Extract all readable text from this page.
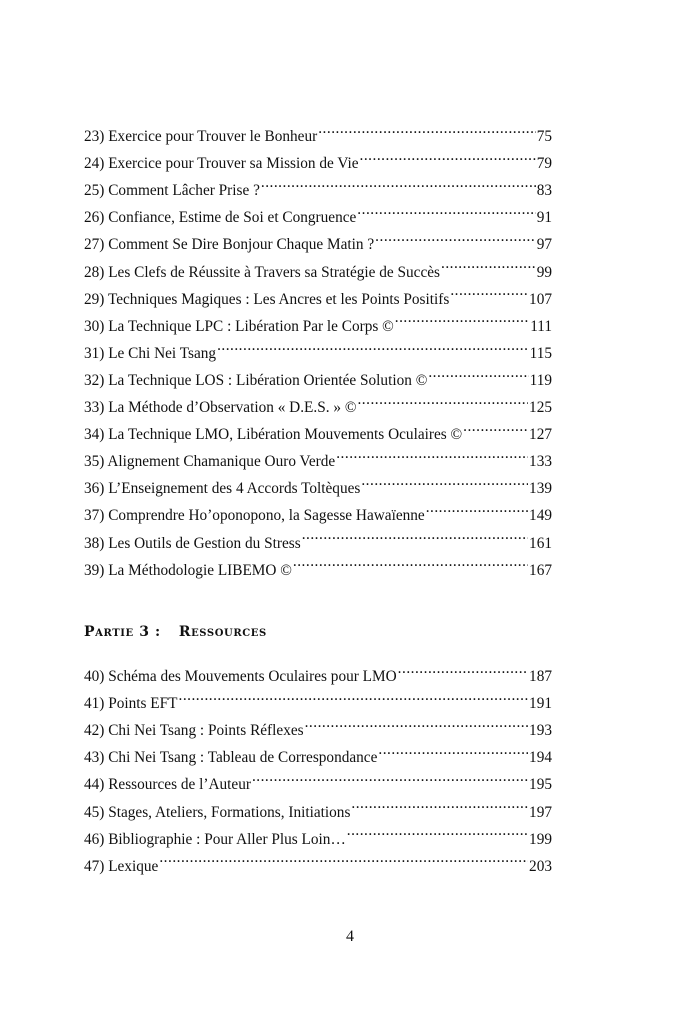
23) Exercice pour Trouver le Bonheur .....	75
24) Exercice pour Trouver sa Mission de Vie .....	79
25) Comment Lâcher Prise ? .....	83
26) Confiance, Estime de Soi et Congruence .....	91
27) Comment Se Dire Bonjour Chaque Matin ? .....	97
28) Les Clefs de Réussite à Travers sa Stratégie de Succès .....	99
29) Techniques Magiques : Les Ancres et les Points Positifs .....	107
30) La Technique LPC : Libération Par le Corps © .....	111
31) Le Chi Nei Tsang .....	115
32) La Technique LOS : Libération Orientée Solution © .....	119
33) La Méthode d’Observation « D.E.S. » © .....	125
34) La Technique LMO, Libération Mouvements Oculaires © .....	127
35) Alignement Chamanique Ouro Verde .....	133
36) L’Enseignement des 4 Accords Toltèques .....	139
37) Comprendre Ho’oponopono, la Sagesse Hawaïenne .....	149
38) Les Outils de Gestion du Stress .....	161
39) La Méthodologie LIBEMO © .....	167
Partie 3 : Ressources
40) Schéma des Mouvements Oculaires pour LMO .....	187
41) Points EFT .....	191
42) Chi Nei Tsang : Points Réflexes .....	193
43) Chi Nei Tsang : Tableau de Correspondance .....	194
44) Ressources de l’Auteur .....	195
45) Stages, Ateliers, Formations, Initiations .....	197
46) Bibliographie : Pour Aller Plus Loin… .....	199
47) Lexique .....	203
4
